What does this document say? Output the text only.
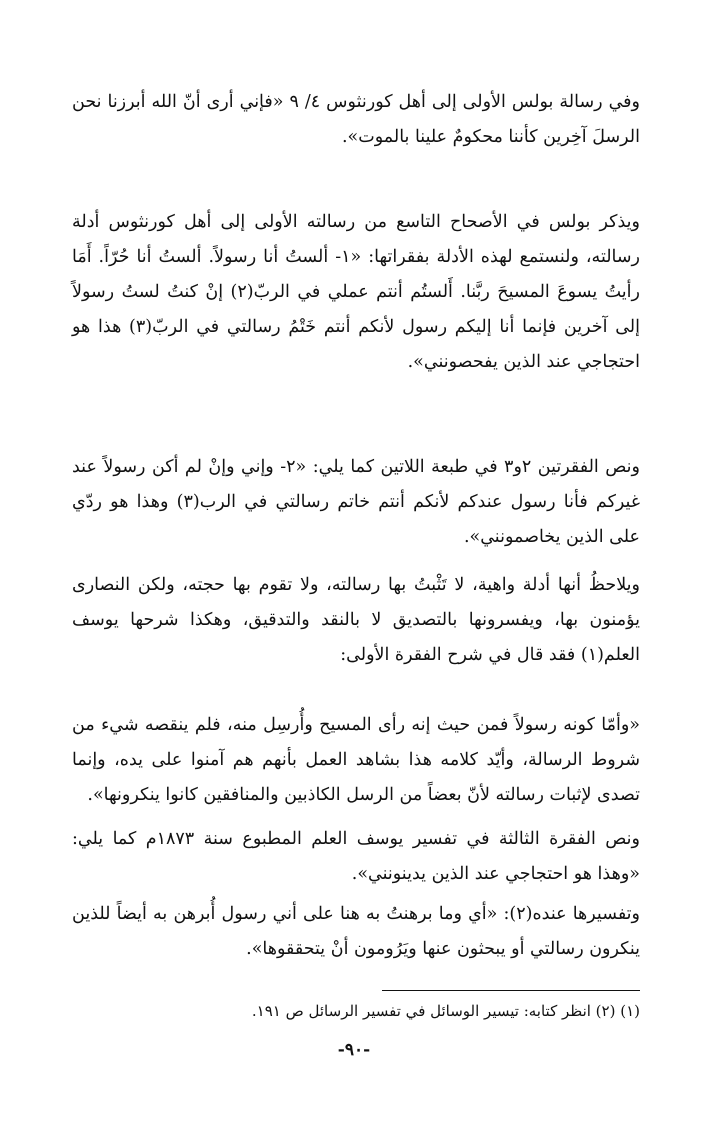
وفي رسالة بولس الأولى إلى أهل كورنثوس ٤/ ٩ «فإني أرى أنّ الله أبرزنا نحن الرسلَ آخِرين كأننا محكومٌ علينا بالموت».

ويذكر بولس في الأصحاح التاسع من رسالته الأولى إلى أهل كورنثوس أدلة رسالته، ولنستمع لهذه الأدلة بفقراتها: «١- ألستُ أنا رسولاً. ألستُ أنا حُرّاً. أَمَا رأيتُ يسوعَ المسيحَ ربَّنا. أَلستُم أنتم عملي في الربّ(٢) إنْ كنتُ لستُ رسولاً إلى آخرين فإنما أنا إليكم رسول لأنكم أنتم خَتْمُ رسالتي في الربّ(٣) هذا هو احتجاجي عند الذين يفحصونني».

ونص الفقرتين ٢و٣ في طبعة اللاتين كما يلي: «٢- وإني وإنْ لم أكن رسولاً عند غيركم فأنا رسول عندكم لأنكم أنتم خاتم رسالتي في الرب(٣) وهذا هو ردّي على الذين يخاصمونني».

ويلاحظُ أنها أدلة واهية، لا تَثْبتُ بها رسالته، ولا تقوم بها حجته، ولكن النصارى يؤمنون بها، ويفسرونها بالتصديق لا بالنقد والتدقيق، وهكذا شرحها يوسف العلم(١) فقد قال في شرح الفقرة الأولى:

«وأمّا كونه رسولاً فمن حيث إنه رأى المسيح وأُرسِل منه، فلم ينقصه شيء من شروط الرسالة، وأيّد كلامه هذا بشاهد العمل بأنهم هم آمنوا على يده، وإنما تصدى لإثبات رسالته لأنّ بعضاً من الرسل الكاذبين والمنافقين كانوا ينكرونها».

ونص الفقرة الثالثة في تفسير يوسف العلم المطبوع سنة ١٨٧٣م كما يلي: «وهذا هو احتجاجي عند الذين يدينونني».

وتفسيرها عنده(٢): «أي وما برهنتُ به هنا على أني رسول أُبرهن به أيضاً للذين ينكرون رسالتي أو يبحثون عنها ويَرُومون أنْ يتحققوها».

(١) (٢) انظر كتابه: تيسير الوسائل في تفسير الرسائل ص ١٩١.

-٩٠-
